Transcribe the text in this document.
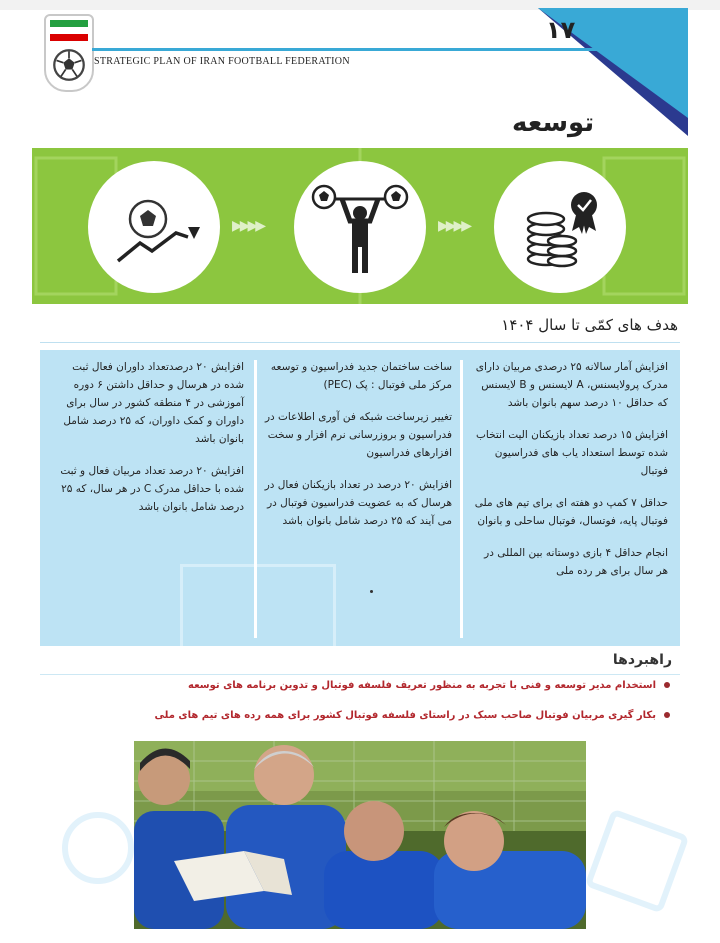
۱۷
STRATEGIC PLAN OF IRAN FOOTBALL FEDERATION
توسعه
▶▶▶▶	▶▶▶▶
هدف های کمّی تا سال ۱۴۰۴

افزایش آمار سالانه ۲۵ درصدی مربیان دارای مدرک پرولایسنس، A لایسنس و B لایسنس که حداقل ۱۰ درصد سهم بانوان باشد

افزایش ۱۵ درصد تعداد بازیکنان الیت انتخاب شده توسط استعداد یاب های فدراسیون فوتبال

حداقل ۷ کمپ دو هفته ای برای تیم های ملی فوتبال پایه، فوتسال، فوتبال ساحلی و بانوان

انجام حداقل ۴ بازی دوستانه بین المللی در هر سال برای هر رده ملی

ساخت ساختمان جدید فدراسیون و توسعه مرکز ملی فوتبال : پک (PEC)

تغییر زیرساخت شبکه فن آوری اطلاعات در فدراسیون و بروزرسانی نرم افزار و سخت افزارهای فدراسیون

افزایش ۲۰ درصد در تعداد بازیکنان فعال در هرسال که به عضویت فدراسیون فوتبال در می آیند که ۲۵ درصد شامل بانوان باشد

افزایش ۲۰ درصدتعداد داوران فعال ثبت شده در هرسال و حداقل داشتن ۶ دوره آموزشی در ۴ منطقه کشور در سال برای داوران و کمک داوران، که ۲۵ درصد شامل بانوان باشد

افزایش ۲۰ درصد تعداد مربیان فعال و ثبت شده با حداقل مدرک C در هر سال، که ۲۵ درصد شامل بانوان باشد

راهبردها
استخدام مدیر توسعه و فنی با تجربه به منظور تعریف فلسفه فوتبال و تدوین برنامه های توسعه
بکار گیری مربیان فوتبال صاحب سبک در راستای فلسفه فوتبال کشور برای همه رده های تیم های ملی
